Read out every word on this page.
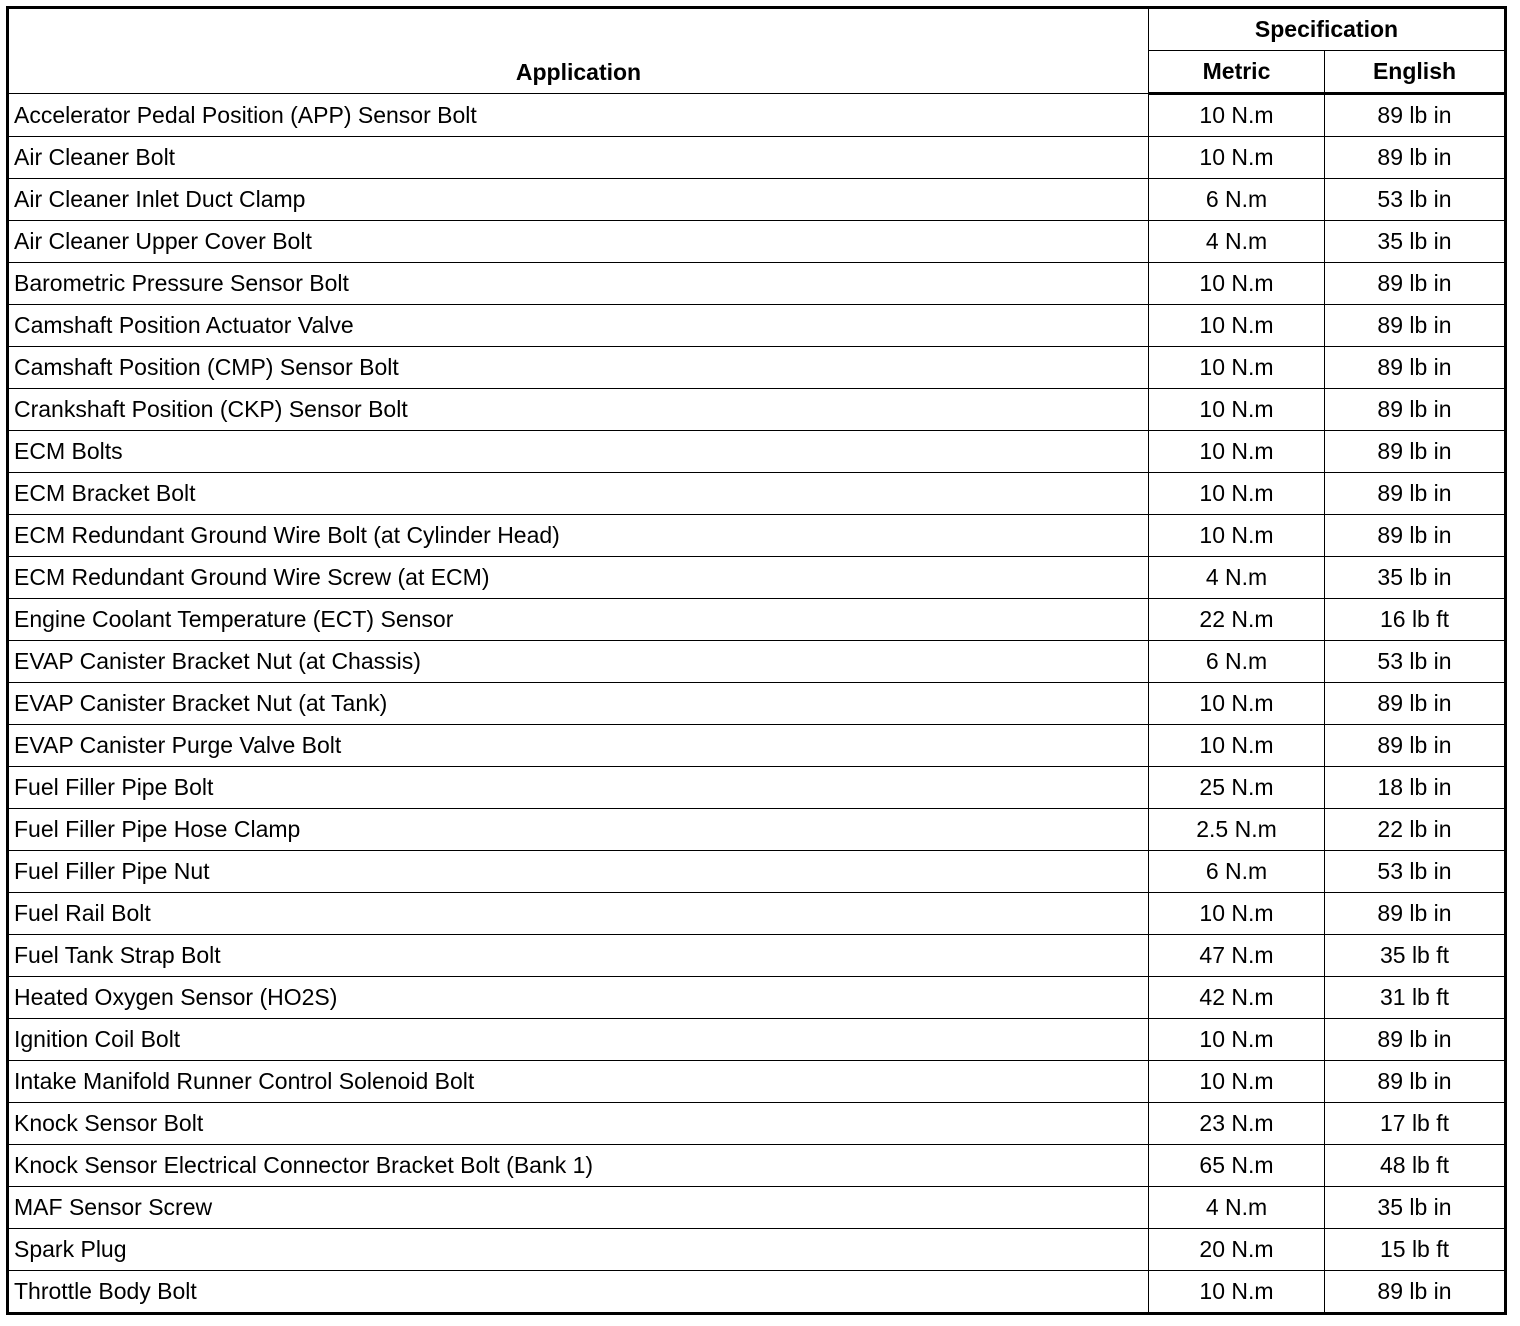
Application	Specification	
	Metric	English
Accelerator Pedal Position (APP) Sensor Bolt	10 N.m	89 lb in
Air Cleaner Bolt	10 N.m	89 lb in
Air Cleaner Inlet Duct Clamp	6 N.m	53 lb in
Air Cleaner Upper Cover Bolt	4 N.m	35 lb in
Barometric Pressure Sensor Bolt	10 N.m	89 lb in
Camshaft Position Actuator Valve	10 N.m	89 lb in
Camshaft Position (CMP) Sensor Bolt	10 N.m	89 lb in
Crankshaft Position (CKP) Sensor Bolt	10 N.m	89 lb in
ECM Bolts	10 N.m	89 lb in
ECM Bracket Bolt	10 N.m	89 lb in
ECM Redundant Ground Wire Bolt (at Cylinder Head)	10 N.m	89 lb in
ECM Redundant Ground Wire Screw (at ECM)	4 N.m	35 lb in
Engine Coolant Temperature (ECT) Sensor	22 N.m	16 lb ft
EVAP Canister Bracket Nut (at Chassis)	6 N.m	53 lb in
EVAP Canister Bracket Nut (at Tank)	10 N.m	89 lb in
EVAP Canister Purge Valve Bolt	10 N.m	89 lb in
Fuel Filler Pipe Bolt	25 N.m	18 lb in
Fuel Filler Pipe Hose Clamp	2.5 N.m	22 lb in
Fuel Filler Pipe Nut	6 N.m	53 lb in
Fuel Rail Bolt	10 N.m	89 lb in
Fuel Tank Strap Bolt	47 N.m	35 lb ft
Heated Oxygen Sensor (HO2S)	42 N.m	31 lb ft
Ignition Coil Bolt	10 N.m	89 lb in
Intake Manifold Runner Control Solenoid Bolt	10 N.m	89 lb in
Knock Sensor Bolt	23 N.m	17 lb ft
Knock Sensor Electrical Connector Bracket Bolt (Bank 1)	65 N.m	48 lb ft
MAF Sensor Screw	4 N.m	35 lb in
Spark Plug	20 N.m	15 lb ft
Throttle Body Bolt	10 N.m	89 lb in
